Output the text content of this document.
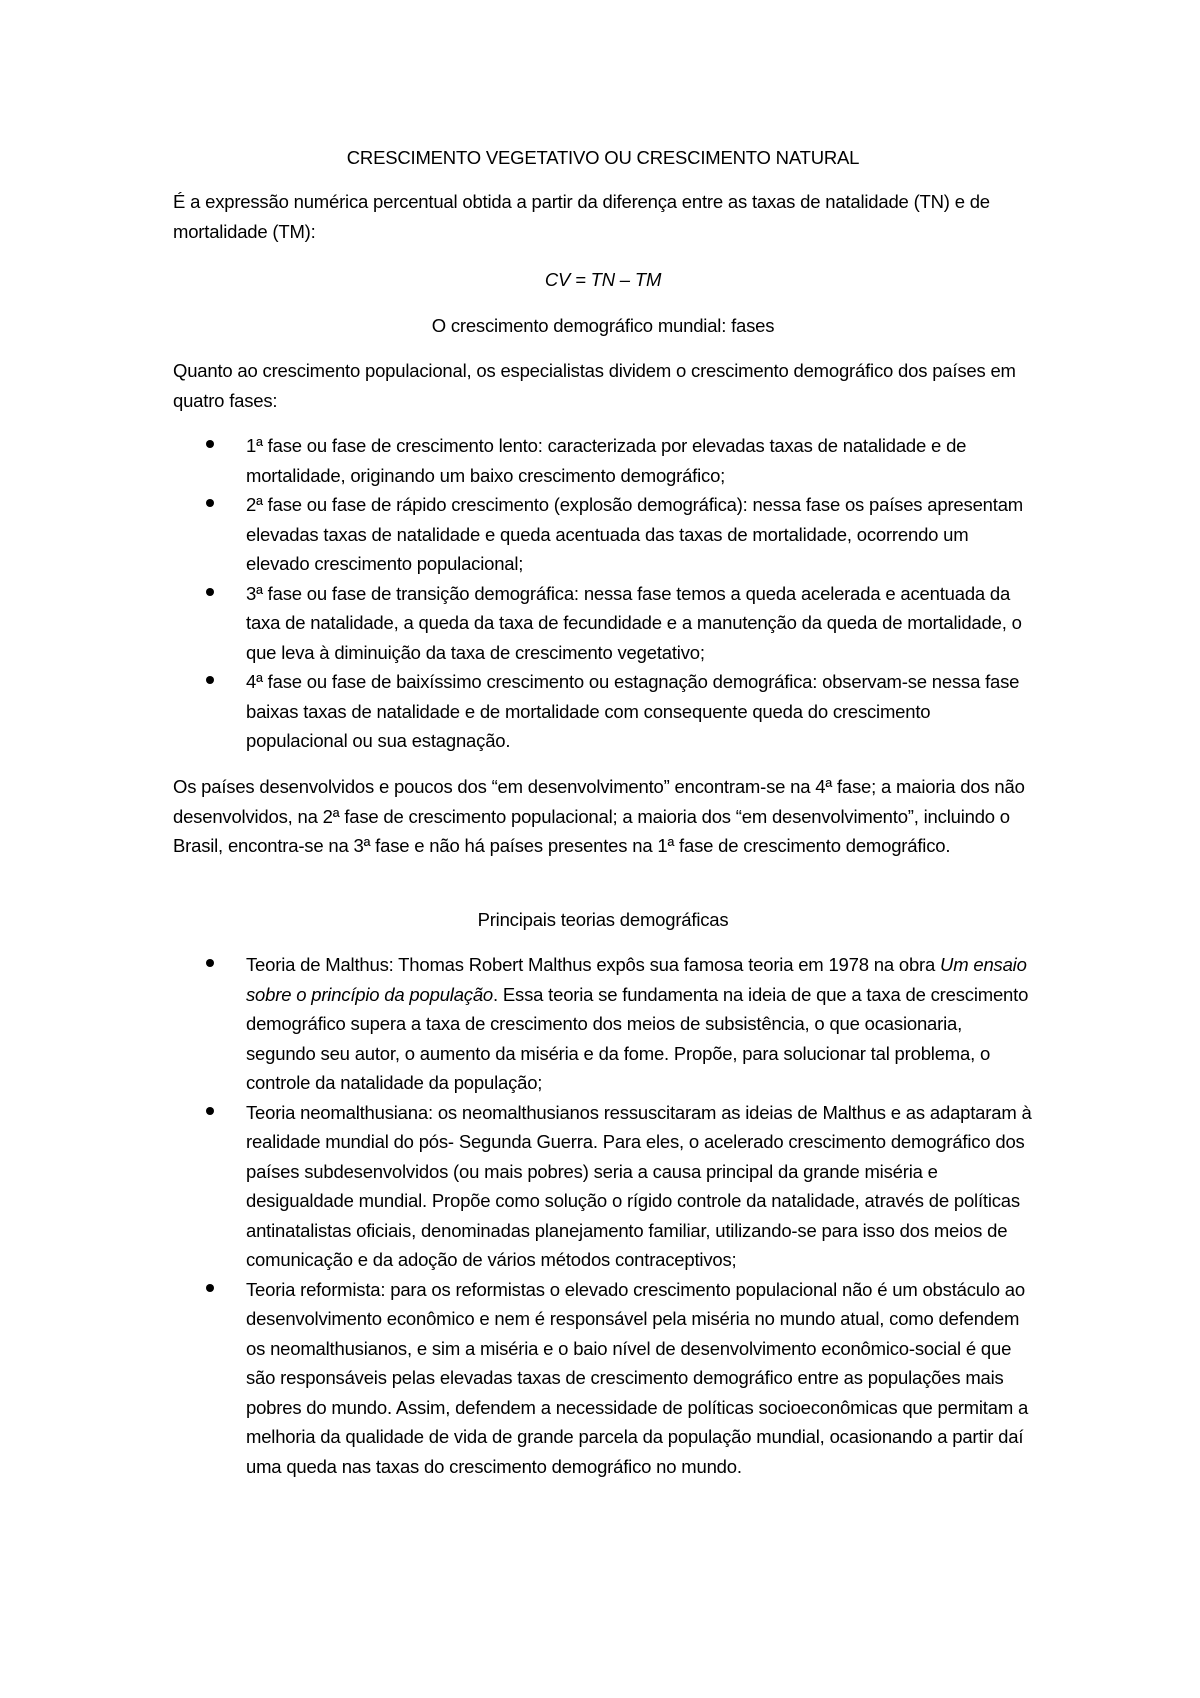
CRESCIMENTO VEGETATIVO OU CRESCIMENTO NATURAL

É a expressão numérica percentual obtida a partir da diferença entre as taxas de natalidade (TN) e de mortalidade (TM):

CV = TN – TM

O crescimento demográfico mundial: fases

Quanto ao crescimento populacional, os especialistas dividem o crescimento demográfico dos países em quatro fases:

1ª fase ou fase de crescimento lento: caracterizada por elevadas taxas de natalidade e de mortalidade, originando um baixo crescimento demográfico;
2ª fase ou fase de rápido crescimento (explosão demográfica): nessa fase os países apresentam elevadas taxas de natalidade e queda acentuada das taxas de mortalidade, ocorrendo um elevado crescimento populacional;
3ª fase ou fase de transição demográfica: nessa fase temos a queda acelerada e acentuada da taxa de natalidade, a queda da taxa de fecundidade e a manutenção da queda de mortalidade, o que leva à diminuição da taxa de crescimento vegetativo;
4ª fase ou fase de baixíssimo crescimento ou estagnação demográfica: observam-se nessa fase baixas taxas de natalidade e de mortalidade com consequente queda do crescimento populacional ou sua estagnação.

Os países desenvolvidos e poucos dos “em desenvolvimento” encontram-se na 4ª fase; a maioria dos não desenvolvidos, na 2ª fase de crescimento populacional; a maioria dos “em desenvolvimento”, incluindo o Brasil, encontra-se na 3ª fase e não há países presentes na 1ª fase de crescimento demográfico.

Principais teorias demográficas

Teoria de Malthus: Thomas Robert Malthus expôs sua famosa teoria em 1978 na obra Um ensaio sobre o princípio da população. Essa teoria se fundamenta na ideia de que a taxa de crescimento demográfico supera a taxa de crescimento dos meios de subsistência, o que ocasionaria, segundo seu autor, o aumento da miséria e da fome. Propõe, para solucionar tal problema, o controle da natalidade da população;
Teoria neomalthusiana: os neomalthusianos ressuscitaram as ideias de Malthus e as adaptaram à realidade mundial do pós- Segunda Guerra. Para eles, o acelerado crescimento demográfico dos países subdesenvolvidos (ou mais pobres) seria a causa principal da grande miséria e desigualdade mundial. Propõe como solução o rígido controle da natalidade, através de políticas antinatalistas oficiais, denominadas planejamento familiar, utilizando-se para isso dos meios de comunicação e da adoção de vários métodos contraceptivos;
Teoria reformista: para os reformistas o elevado crescimento populacional não é um obstáculo ao desenvolvimento econômico e nem é responsável pela miséria no mundo atual, como defendem os neomalthusianos, e sim a miséria e o baio nível de desenvolvimento econômico-social é que são responsáveis pelas elevadas taxas de crescimento demográfico entre as populações mais pobres do mundo. Assim, defendem a necessidade de políticas socioeconômicas que permitam a melhoria da qualidade de vida de grande parcela da população mundial, ocasionando a partir daí uma queda nas taxas do crescimento demográfico no mundo.
